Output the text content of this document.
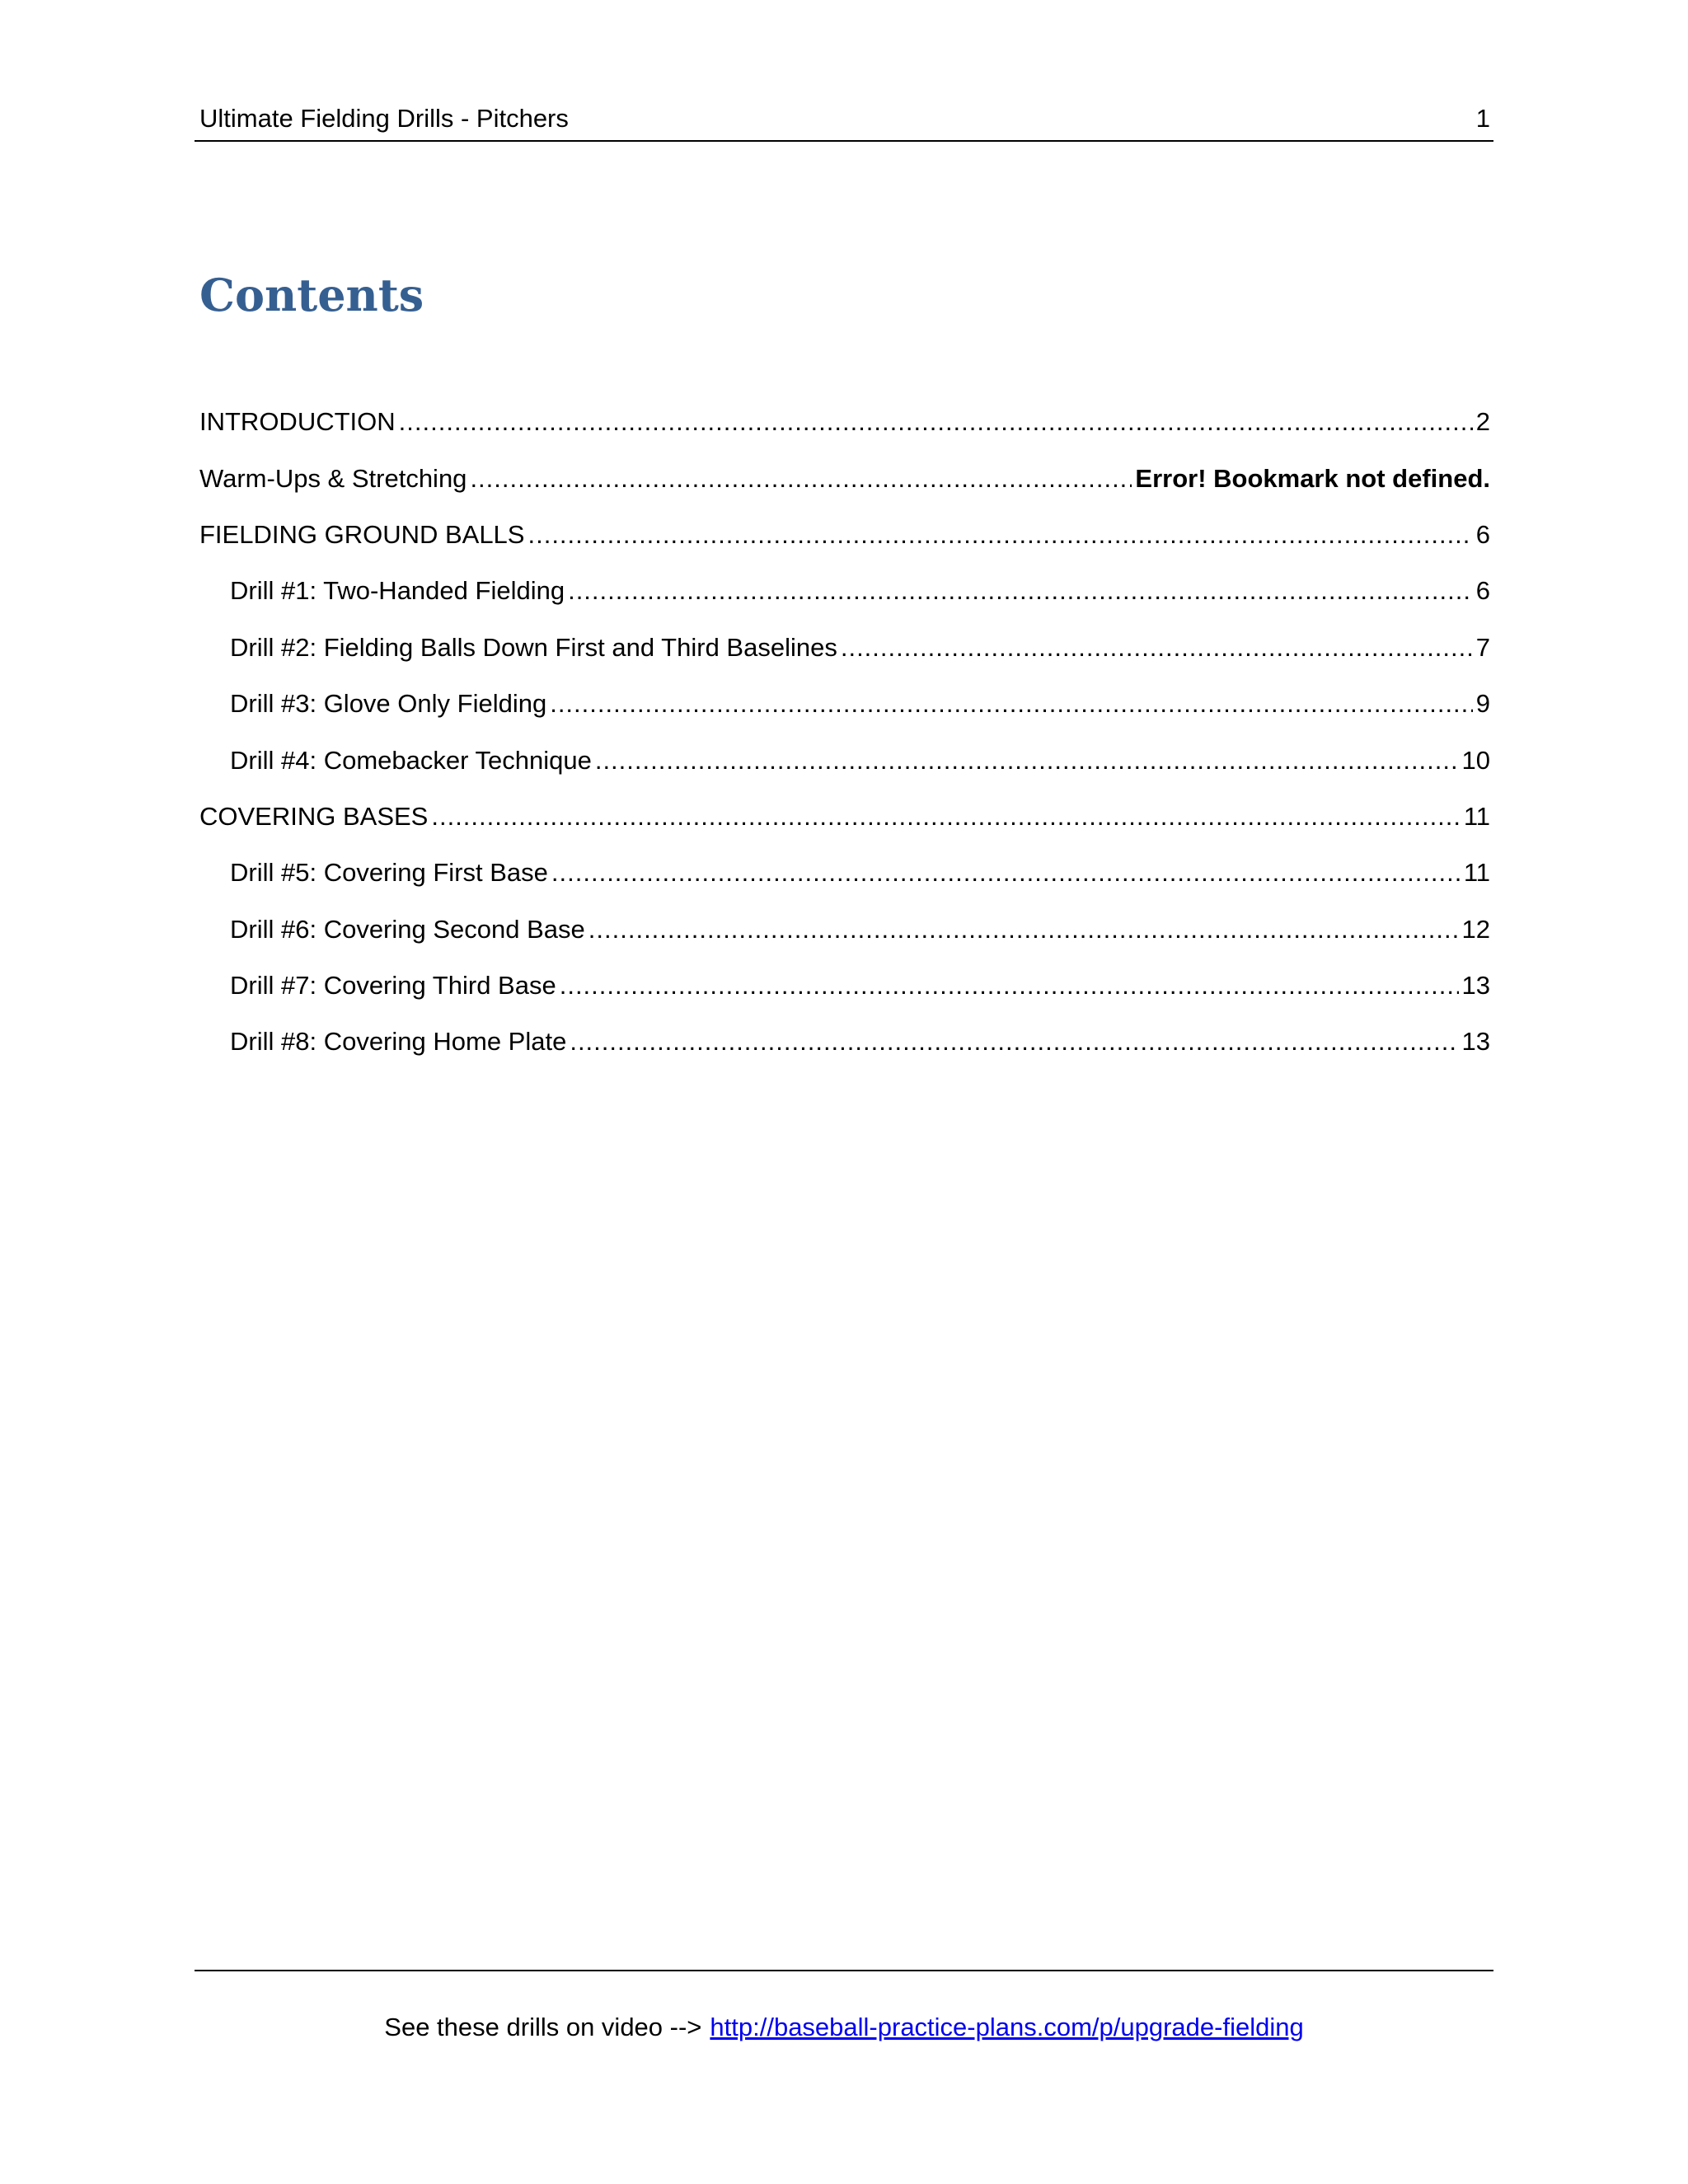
Ultimate Fielding Drills - Pitchers	1
Contents
INTRODUCTION .....	2
Warm-Ups & Stretching .....	Error! Bookmark not defined.
FIELDING GROUND BALLS .....	6
Drill #1: Two-Handed Fielding .....	6
Drill #2: Fielding Balls Down First and Third Baselines .....	7
Drill #3: Glove Only Fielding .....	9
Drill #4: Comebacker Technique .....	10
COVERING BASES .....	11
Drill #5: Covering First Base .....	11
Drill #6: Covering Second Base .....	12
Drill #7: Covering Third Base .....	13
Drill #8: Covering Home Plate .....	13
See these drills on video --> http://baseball-practice-plans.com/p/upgrade-fielding
